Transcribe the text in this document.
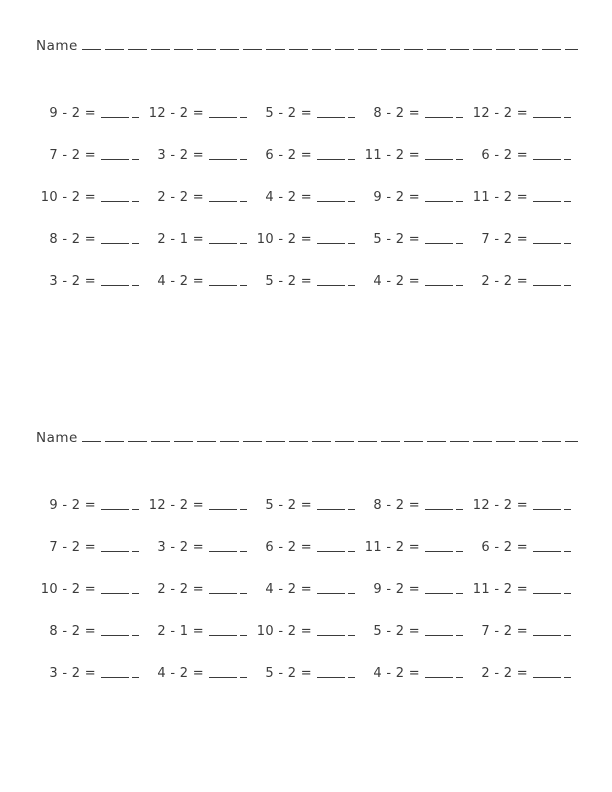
Name
9 - 2 =	12 - 2 =	5 - 2 =	8 - 2 =	12 - 2 =
7 - 2 =	3 - 2 =	6 - 2 =	11 - 2 =	6 - 2 =
10 - 2 =	2 - 2 =	4 - 2 =	9 - 2 =	11 - 2 =
8 - 2 =	2 - 1 =	10 - 2 =	5 - 2 =	7 - 2 =
3 - 2 =	4 - 2 =	5 - 2 =	4 - 2 =	2 - 2 =
Name
9 - 2 =	12 - 2 =	5 - 2 =	8 - 2 =	12 - 2 =
7 - 2 =	3 - 2 =	6 - 2 =	11 - 2 =	6 - 2 =
10 - 2 =	2 - 2 =	4 - 2 =	9 - 2 =	11 - 2 =
8 - 2 =	2 - 1 =	10 - 2 =	5 - 2 =	7 - 2 =
3 - 2 =	4 - 2 =	5 - 2 =	4 - 2 =	2 - 2 =
